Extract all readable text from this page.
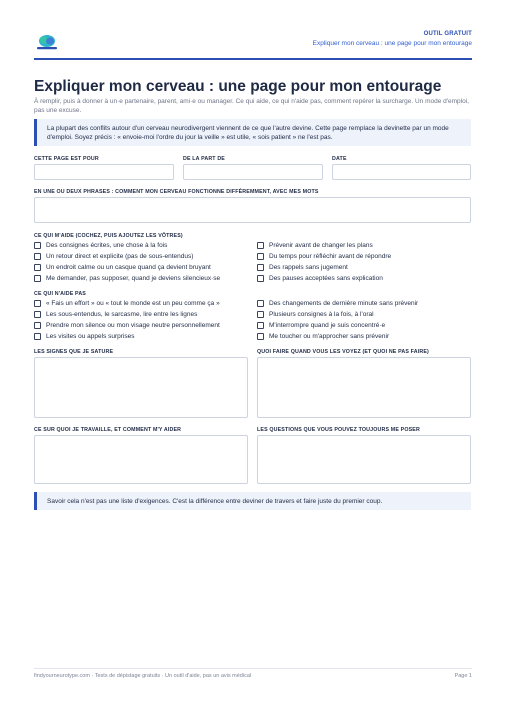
OUTIL GRATUIT
Expliquer mon cerveau : une page pour mon entourage
Expliquer mon cerveau : une page pour mon entourage
À remplir, puis à donner à un·e partenaire, parent, ami·e ou manager. Ce qui aide, ce qui n'aide pas, comment repérer la surcharge. Un mode d'emploi, pas une excuse.
La plupart des conflits autour d'un cerveau neurodivergent viennent de ce que l'autre devine. Cette page remplace la devinette par un mode d'emploi. Soyez précis : « envoie-moi l'ordre du jour la veille » est utile, « sois patient » ne l'est pas.
CETTE PAGE EST POUR	DE LA PART DE	DATE
EN UNE OU DEUX PHRASES : COMMENT MON CERVEAU FONCTIONNE DIFFÉREMMENT, AVEC MES MOTS
CE QUI M'AIDE (COCHEZ, PUIS AJOUTEZ LES VÔTRES)
Des consignes écrites, une chose à la fois
Un retour direct et explicite (pas de sous-entendus)
Un endroit calme ou un casque quand ça devient bruyant
Me demander, pas supposer, quand je deviens silencieux·se
Prévenir avant de changer les plans
Du temps pour réfléchir avant de répondre
Des rappels sans jugement
Des pauses acceptées sans explication
CE QUI N'AIDE PAS
« Fais un effort » ou « tout le monde est un peu comme ça »
Les sous-entendus, le sarcasme, lire entre les lignes
Prendre mon silence ou mon visage neutre personnellement
Les visites ou appels surprises
Des changements de dernière minute sans prévenir
Plusieurs consignes à la fois, à l'oral
M'interrompre quand je suis concentré·e
Me toucher ou m'approcher sans prévenir
LES SIGNES QUE JE SATURE	QUOI FAIRE QUAND VOUS LES VOYEZ (ET QUOI NE PAS FAIRE)
CE SUR QUOI JE TRAVAILLE, ET COMMENT M'Y AIDER	LES QUESTIONS QUE VOUS POUVEZ TOUJOURS ME POSER
Savoir cela n'est pas une liste d'exigences. C'est la différence entre deviner de travers et faire juste du premier coup.
findyourneurotype.com · Tests de dépistage gratuits · Un outil d'aide, pas un avis médical	Page 1
